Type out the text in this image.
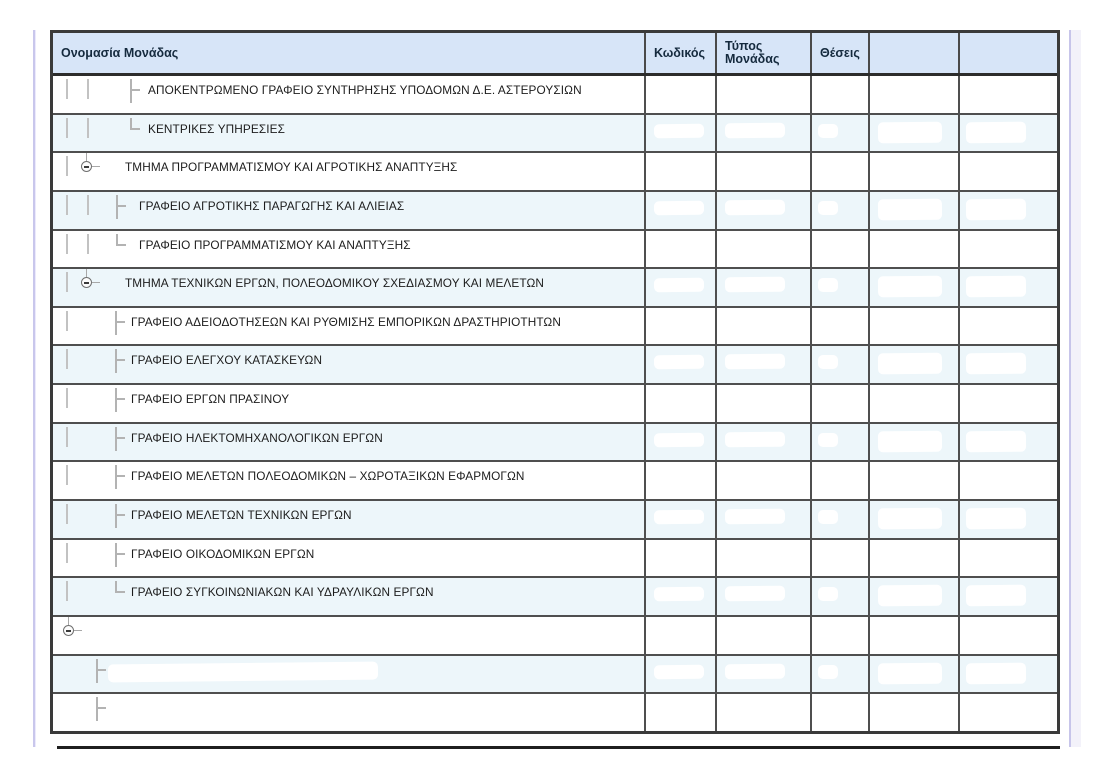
Ονομασία Μονάδας	Κωδικός	Τύπος Μονάδας	Θέσεις
ΑΠΟΚΕΝΤΡΩΜΕΝΟ ΓΡΑΦΕΙΟ ΣΥΝΤΗΡΗΣΗΣ ΥΠΟΔΟΜΩΝ Δ.Ε. ΑΣΤΕΡΟΥΣΙΩΝ
ΚΕΝΤΡΙΚΕΣ ΥΠΗΡΕΣΙΕΣ
ΤΜΗΜΑ ΠΡΟΓΡΑΜΜΑΤΙΣΜΟΥ ΚΑΙ ΑΓΡΟΤΙΚΗΣ ΑΝΑΠΤΥΞΗΣ
ΓΡΑΦΕΙΟ ΑΓΡΟΤΙΚΗΣ ΠΑΡΑΓΩΓΗΣ ΚΑΙ ΑΛΙΕΙΑΣ
ΓΡΑΦΕΙΟ ΠΡΟΓΡΑΜΜΑΤΙΣΜΟΥ ΚΑΙ ΑΝΑΠΤΥΞΗΣ
ΤΜΗΜΑ ΤΕΧΝΙΚΩΝ ΕΡΓΩΝ, ΠΟΛΕΟΔΟΜΙΚΟΥ ΣΧΕΔΙΑΣΜΟΥ ΚΑΙ ΜΕΛΕΤΩΝ
ΓΡΑΦΕΙΟ ΑΔΕΙΟΔΟΤΗΣΕΩΝ ΚΑΙ ΡΥΘΜΙΣΗΣ ΕΜΠΟΡΙΚΩΝ ΔΡΑΣΤΗΡΙΟΤΗΤΩΝ
ΓΡΑΦΕΙΟ ΕΛΕΓΧΟΥ ΚΑΤΑΣΚΕΥΩΝ
ΓΡΑΦΕΙΟ ΕΡΓΩΝ ΠΡΑΣΙΝΟΥ
ΓΡΑΦΕΙΟ ΗΛΕΚΤΟΜΗΧΑΝΟΛΟΓΙΚΩΝ ΕΡΓΩΝ
ΓΡΑΦΕΙΟ ΜΕΛΕΤΩΝ ΠΟΛΕΟΔΟΜΙΚΩΝ – ΧΩΡΟΤΑΞΙΚΩΝ ΕΦΑΡΜΟΓΩΝ
ΓΡΑΦΕΙΟ ΜΕΛΕΤΩΝ ΤΕΧΝΙΚΩΝ ΕΡΓΩΝ
ΓΡΑΦΕΙΟ ΟΙΚΟΔΟΜΙΚΩΝ ΕΡΓΩΝ
ΓΡΑΦΕΙΟ ΣΥΓΚΟΙΝΩΝΙΑΚΩΝ ΚΑΙ ΥΔΡΑΥΛΙΚΩΝ ΕΡΓΩΝ
